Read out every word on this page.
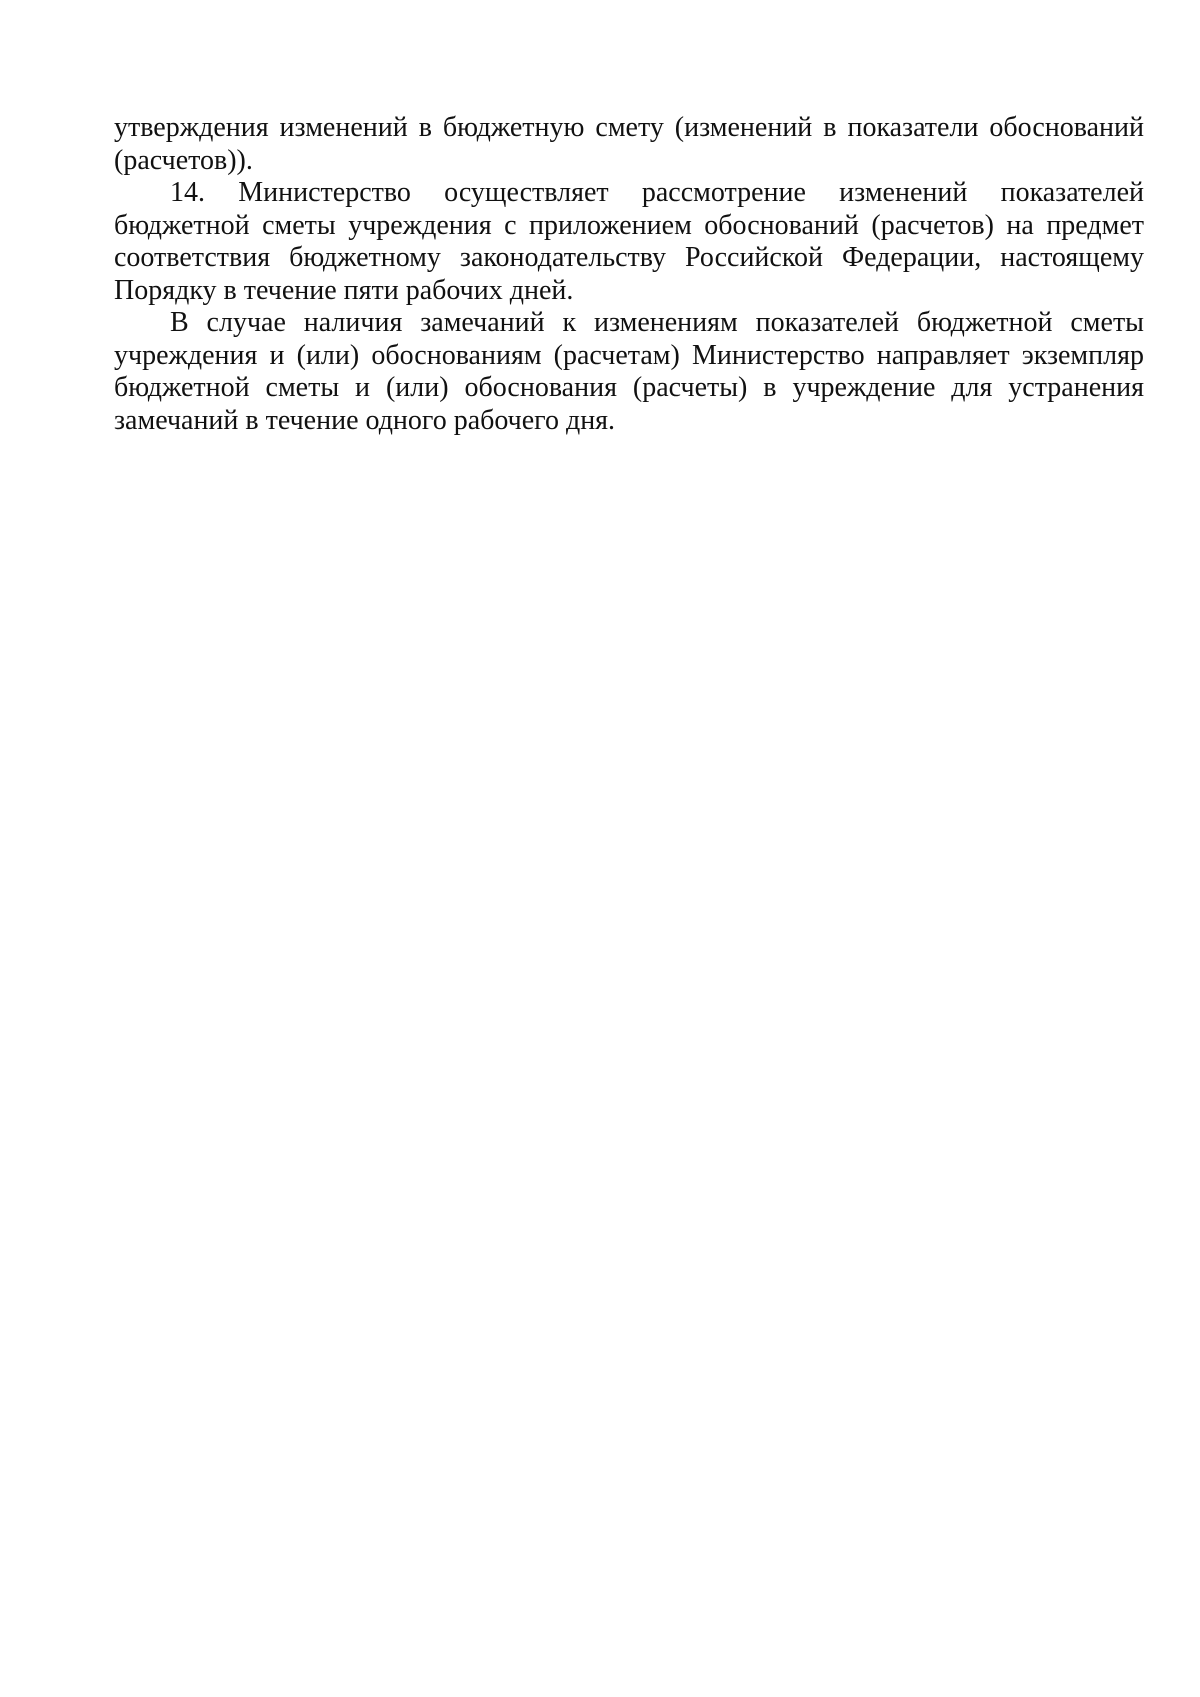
утверждения изменений в бюджетную смету (изменений в показатели обоснований (расчетов)).

14. Министерство осуществляет рассмотрение изменений показателей бюджетной сметы учреждения с приложением обоснований (расчетов) на предмет соответствия бюджетному законодательству Российской Федерации, настоящему Порядку в течение пяти рабочих дней.

В случае наличия замечаний к изменениям показателей бюджетной сметы учреждения и (или) обоснованиям (расчетам) Министерство направляет экземпляр бюджетной сметы и (или) обоснования (расчеты) в учреждение для устранения замечаний в течение одного рабочего дня.
